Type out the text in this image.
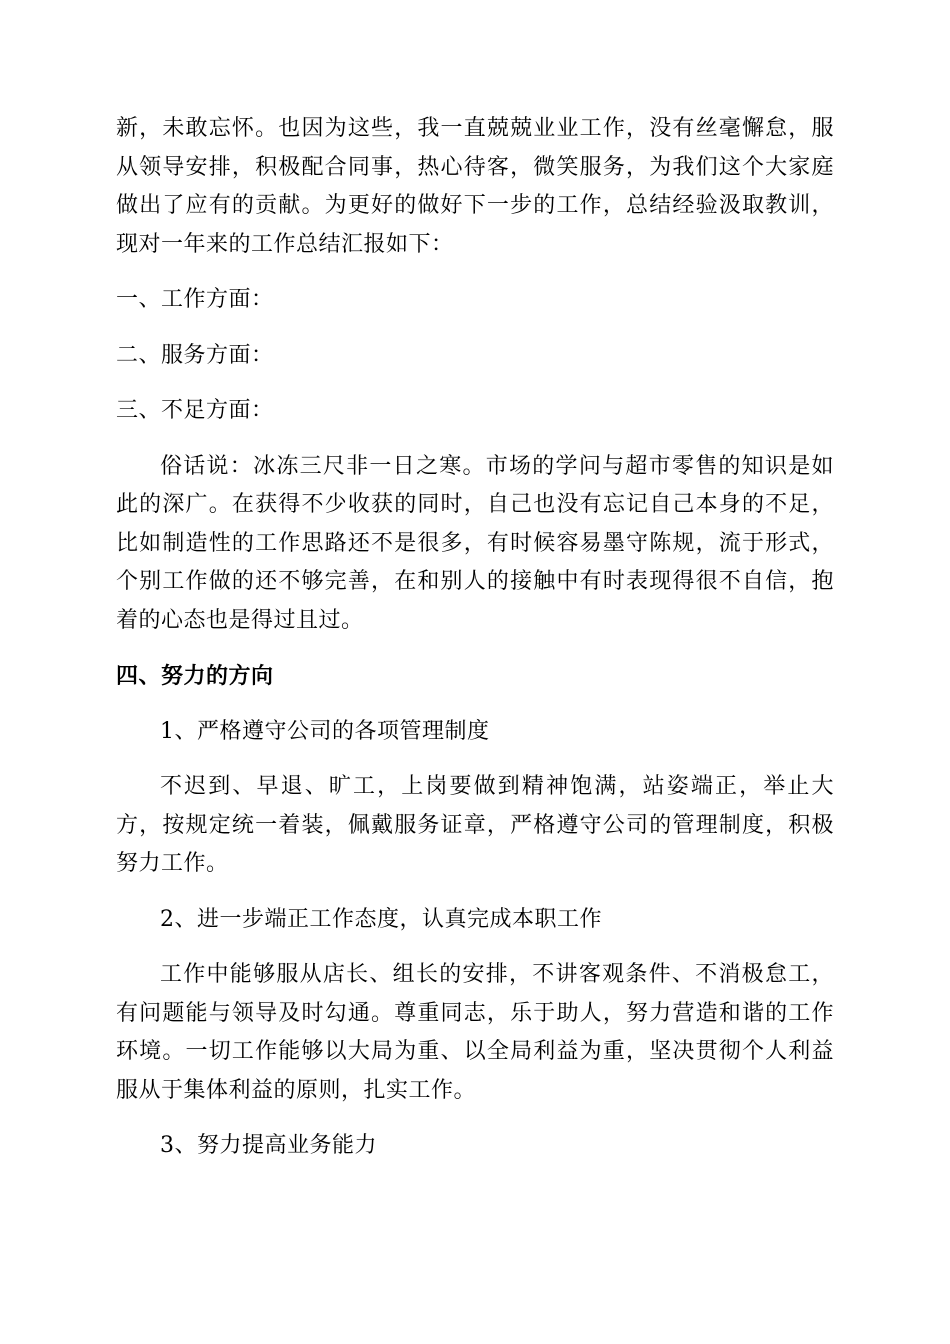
新，未敢忘怀。也因为这些，我一直兢兢业业工作，没有丝毫懈怠，服从领导安排，积极配合同事，热心待客，微笑服务，为我们这个大家庭做出了应有的贡献。为更好的做好下一步的工作，总结经验汲取教训，现对一年来的工作总结汇报如下：

一、工作方面：

二、服务方面：

三、不足方面：

俗话说：冰冻三尺非一日之寒。市场的学问与超市零售的知识是如此的深广。在获得不少收获的同时，自己也没有忘记自己本身的不足，比如制造性的工作思路还不是很多，有时候容易墨守陈规，流于形式，个别工作做的还不够完善，在和别人的接触中有时表现得很不自信，抱着的心态也是得过且过。

四、努力的方向

1、严格遵守公司的各项管理制度

不迟到、早退、旷工，上岗要做到精神饱满，站姿端正，举止大方，按规定统一着装，佩戴服务证章，严格遵守公司的管理制度，积极努力工作。

2、进一步端正工作态度，认真完成本职工作

工作中能够服从店长、组长的安排，不讲客观条件、不消极怠工，有问题能与领导及时勾通。尊重同志，乐于助人，努力营造和谐的工作环境。一切工作能够以大局为重、以全局利益为重，坚决贯彻个人利益服从于集体利益的原则，扎实工作。

3、努力提高业务能力
